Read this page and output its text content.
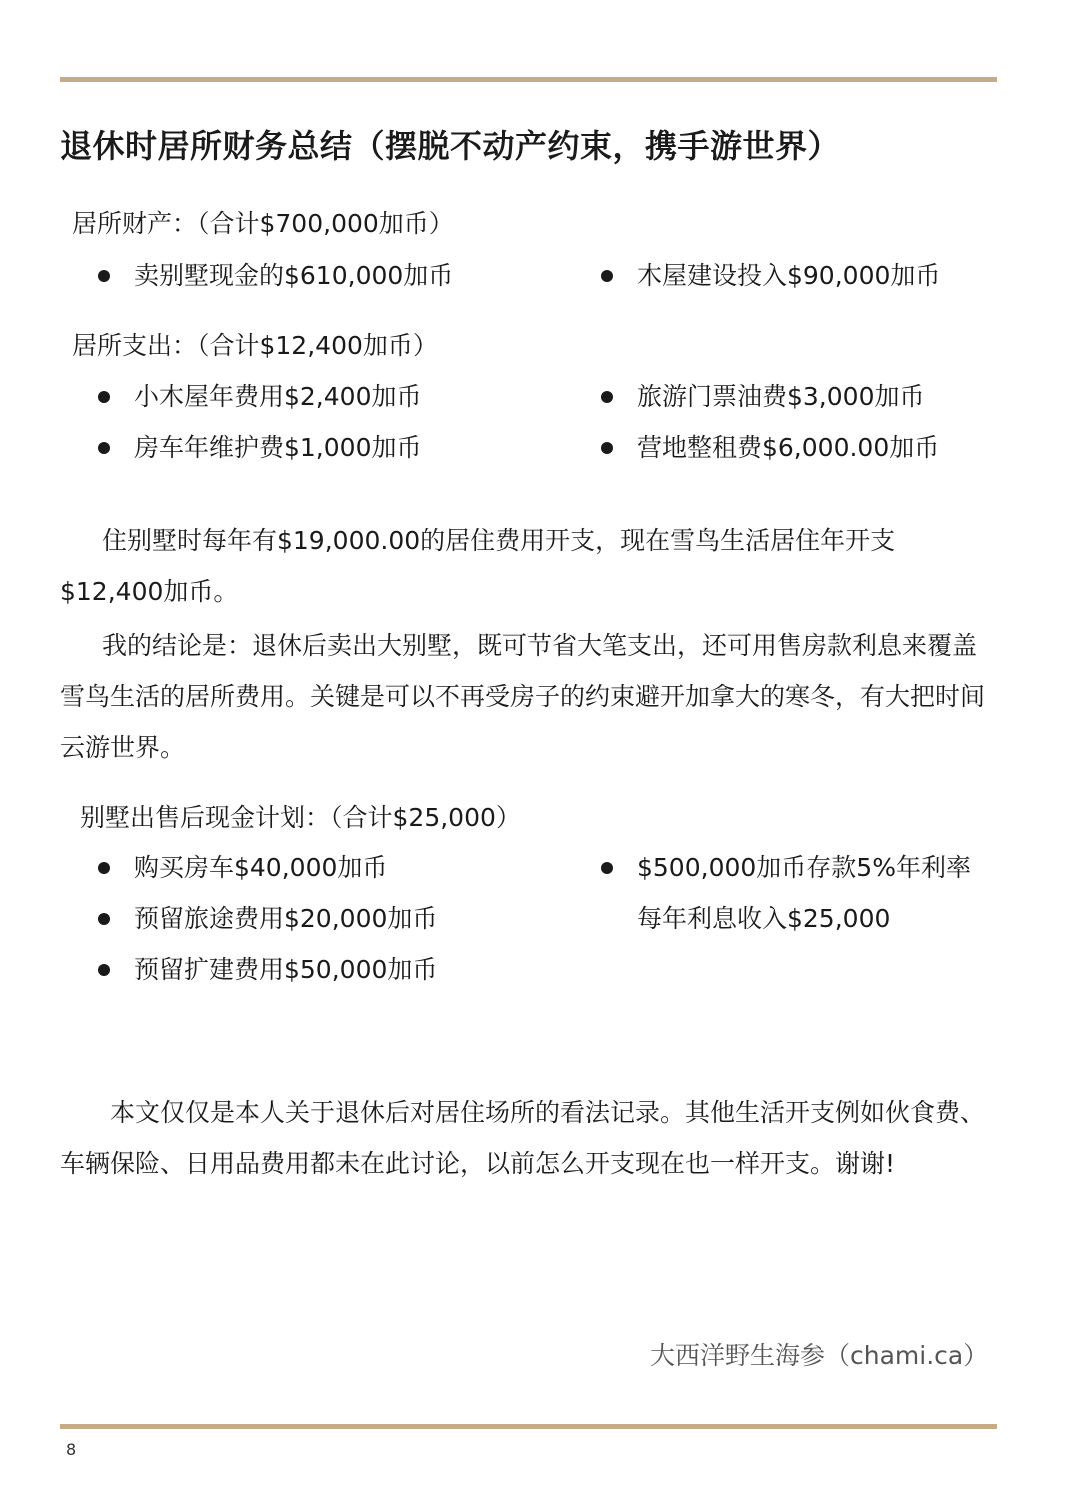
退休时居所财务总结（摆脱不动产约束，携手游世界）
居所财产：（合计$700,000加币）
卖别墅现金的$610,000加币	木屋建设投入$90,000加币
居所支出：（合计$12,400加币）
小木屋年费用$2,400加币	旅游门票油费$3,000加币
房车年维护费$1,000加币	营地整租费$6,000.00加币
住别墅时每年有$19,000.00的居住费用开支，现在雪鸟生活居住年开支$12,400加币。
我的结论是：退休后卖出大别墅，既可节省大笔支出，还可用售房款利息来覆盖雪鸟生活的居所费用。关键是可以不再受房子的约束避开加拿大的寒冬，有大把时间云游世界。
别墅出售后现金计划：（合计$25,000）
购买房车$40,000加币
预留旅途费用$20,000加币
预留扩建费用$50,000加币
$500,000加币存款5%年利率
每年利息收入$25,000
本文仅仅是本人关于退休后对居住场所的看法记录。其他生活开支例如伙食费、车辆保险、日用品费用都未在此讨论，以前怎么开支现在也一样开支。谢谢!
大西洋野生海参（chami.ca）
8
